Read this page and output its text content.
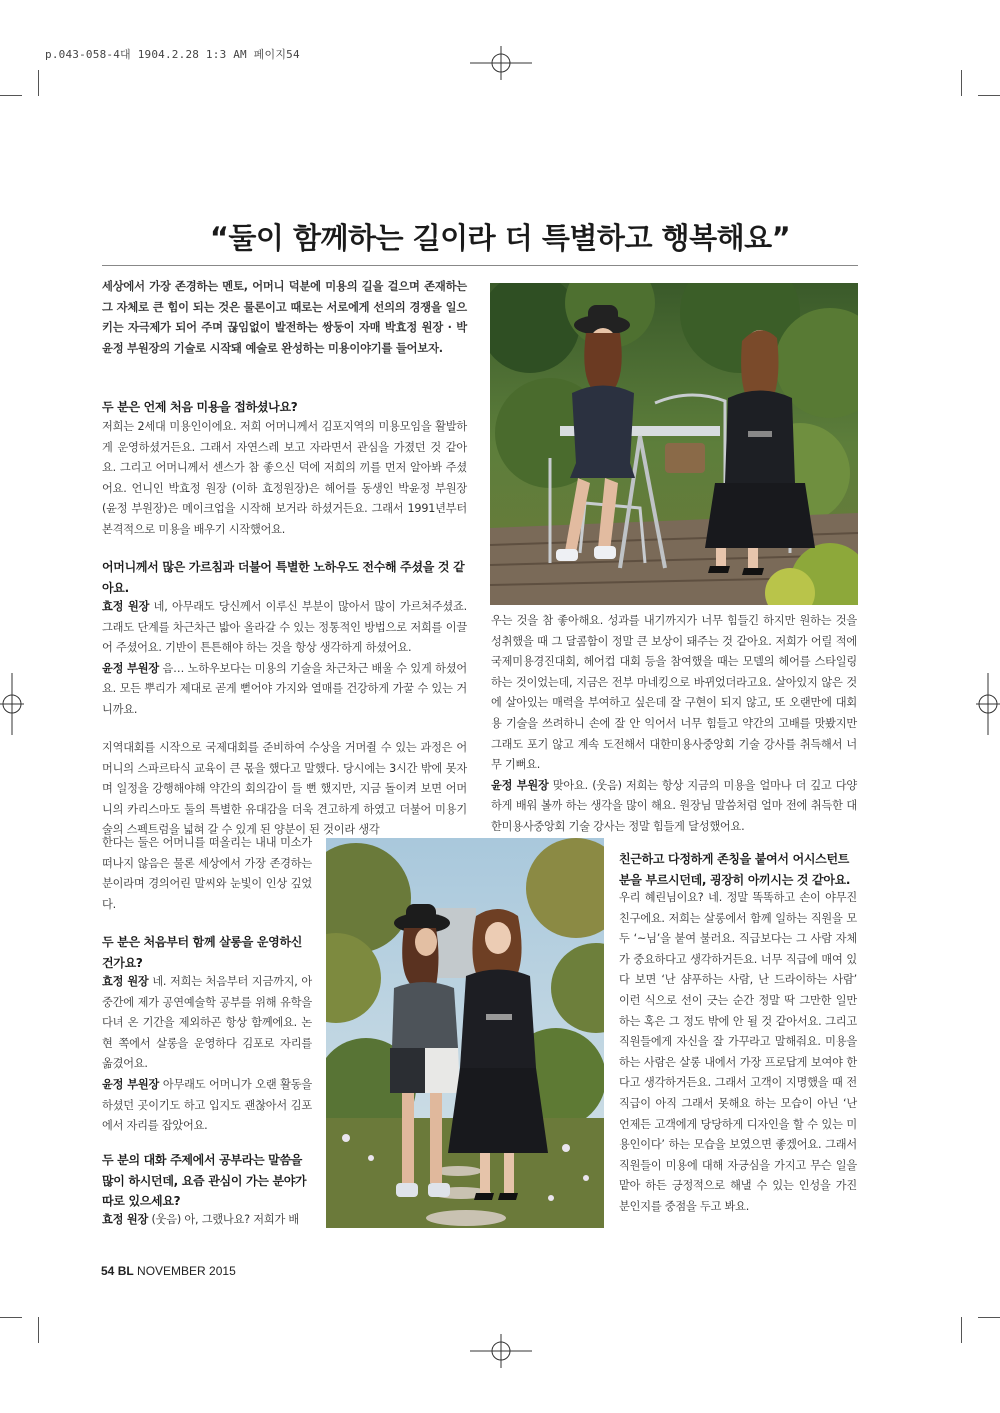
p.043-058-4대 1904.2.28 1:3 AM 페이지54
“둘이 함께하는 길이라 더 특별하고 행복해요”
세상에서 가장 존경하는 멘토, 어머니 덕분에 미용의 길을 걸으며 존재하는 그 자체로 큰 힘이 되는 것은 물론이고 때로는 서로에게 선의의 경쟁을 일으키는 자극제가 되어 주며 끊임없이 발전하는 쌍둥이 자매 박효정 원장 · 박윤정 부원장의 기술로 시작돼 예술로 완성하는 미용이야기를 들어보자.
두 분은 언제 처음 미용을 접하셨나요?
저희는 2세대 미용인이에요. 저희 어머니께서 김포지역의 미용모임을 활발하게 운영하셨거든요. 그래서 자연스레 보고 자라면서 관심을 가졌던 것 같아요. 그리고 어머니께서 센스가 참 좋으신 덕에 저희의 끼를 먼저 알아봐 주셨어요. 언니인 박효정 원장 (이하 효정원장)은 헤어를 동생인 박윤정 부원장 (윤정 부원장)은 메이크업을 시작해 보거라 하셨거든요. 그래서 1991년부터 본격적으로 미용을 배우기 시작했어요.
어머니께서 많은 가르침과 더불어 특별한 노하우도 전수해 주셨을 것 같아요.
효정 원장 네, 아무래도 당신께서 이루신 부분이 많아서 많이 가르쳐주셨죠. 그래도 단계를 차근차근 밟아 올라갈 수 있는 정통적인 방법으로 저희를 이끌어 주셨어요. 기반이 튼튼해야 하는 것을 항상 생각하게 하셨어요.
윤정 부원장 음… 노하우보다는 미용의 기술을 차근차근 배울 수 있게 하셨어요. 모든 뿌리가 제대로 곧게 뻗어야 가지와 열매를 건강하게 가꿀 수 있는 거니까요.
지역대회를 시작으로 국제대회를 준비하여 수상을 거머쥘 수 있는 과정은 어머니의 스파르타식 교육이 큰 몫을 했다고 말했다. 당시에는 3시간 밖에 못자며 일정을 강행해야해 약간의 회의감이 들 뻔 했지만, 지금 돌이켜 보면 어머니의 카리스마도 둘의 특별한 유대감을 더욱 견고하게 하였고 더불어 미용기술의 스펙트럼을 넓혀 갈 수 있게 된 양분이 된 것이라 생각
한다는 둘은 어머니를 떠올리는 내내 미소가 떠나지 않음은 물론 세상에서 가장 존경하는 분이라며 경의어린 말씨와 눈빛이 인상 깊었다.
두 분은 처음부터 함께 살롱을 운영하신건가요?
효정 원장 네. 저희는 처음부터 지금까지, 아 중간에 제가 공연예술학 공부를 위해 유학을 다녀 온 기간을 제외하곤 항상 함께에요. 논현 쪽에서 살롱을 운영하다 김포로 자리를 옮겼어요.
윤정 부원장 아무래도 어머니가 오랜 활동을 하셨던 곳이기도 하고 입지도 괜찮아서 김포에서 자리를 잡았어요.
두 분의 대화 주제에서 공부라는 말씀을 많이 하시던데, 요즘 관심이 가는 분야가 따로 있으세요?
효정 원장 (웃음) 아, 그랬나요? 저희가 배
우는 것을 참 좋아해요. 성과를 내기까지가 너무 힘들긴 하지만 원하는 것을 성취했을 때 그 달콤함이 정말 큰 보상이 돼주는 것 같아요. 저희가 어릴 적에 국제미용경진대회, 헤어컵 대회 등을 참여했을 때는 모델의 헤어를 스타일링 하는 것이었는데, 지금은 전부 마네킹으로 바뀌었더라고요. 살아있지 않은 것에 살아있는 매력을 부여하고 싶은데 잘 구현이 되지 않고, 또 오랜만에 대회용 기술을 쓰려하니 손에 잘 안 익어서 너무 힘들고 약간의 고배를 맛봤지만 그래도 포기 않고 계속 도전해서 대한미용사중앙회 기술 강사를 취득해서 너무 기뻐요.
윤정 부원장 맞아요. (웃음) 저희는 항상 지금의 미용을 얼마나 더 깊고 다양하게 배워 볼까 하는 생각을 많이 해요. 원장님 말씀처럼 얼마 전에 취득한 대한미용사중앙회 기술 강사는 정말 힘들게 달성했어요.
친근하고 다정하게 존칭을 붙여서 어시스턴트 분을 부르시던데, 굉장히 아끼시는 것 같아요.
우리 혜린님이요? 네. 정말 똑똑하고 손이 야무진 친구에요. 저희는 살롱에서 함께 일하는 직원을 모두 ‘~님’을 붙여 불러요. 직급보다는 그 사람 자체가 중요하다고 생각하거든요. 너무 직급에 매여 있다 보면 ‘난 샴푸하는 사람, 난 드라이하는 사람’ 이런 식으로 선이 긋는 순간 정말 딱 그만한 일만 하는 혹은 그 정도 밖에 안 될 것 같아서요. 그리고 직원들에게 자신을 잘 가꾸라고 말해줘요. 미용을 하는 사람은 살롱 내에서 가장 프로답게 보여야 한다고 생각하거든요. 그래서 고객이 지명했을 때 전 직급이 아직 그래서 못해요 하는 모습이 아닌 ‘난 언제든 고객에게 당당하게 디자인을 할 수 있는 미용인이다’ 하는 모습을 보였으면 좋겠어요. 그래서 직원들이 미용에 대해 자긍심을 가지고 무슨 일을 맡아 하든 긍정적으로 해낼 수 있는 인성을 가진 분인지를 중점을 두고 봐요.
54 BL NOVEMBER 2015
